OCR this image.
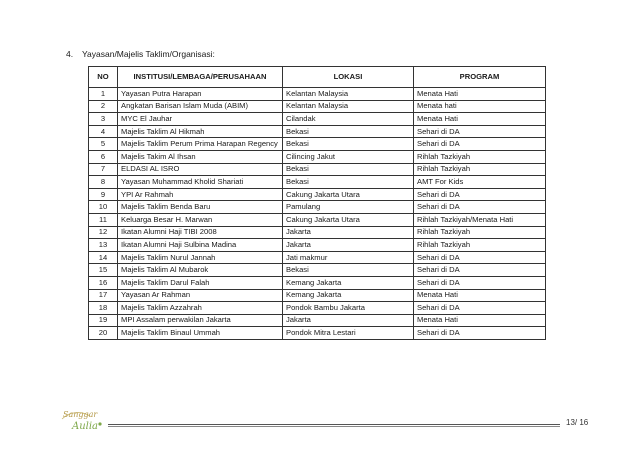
4. Yayasan/Majelis Taklim/Organisasi:
NO	INSTITUSI/LEMBAGA/PERUSAHAAN	LOKASI	PROGRAM
1	Yayasan Putra Harapan	Kelantan Malaysia	Menata Hati
2	Angkatan Barisan Islam Muda (ABIM)	Kelantan Malaysia	Menata hati
3	MYC El Jauhar	Cilandak	Menata Hati
4	Majelis Taklim Al Hikmah	Bekasi	Sehari di DA
5	Majelis Taklim Perum Prima Harapan Regency	Bekasi	Sehari di DA
6	Majelis Takim Al Ihsan	Cilincing Jakut	Rihlah Tazkiyah
7	ELDASI AL ISRO	Bekasi	Rihlah Tazkiyah
8	Yayasan Muhammad Kholid Shariati	Bekasi	AMT For Kids
9	YPI Ar Rahmah	Cakung Jakarta Utara	Sehari di DA
10	Majelis Taklim Benda Baru	Pamulang	Sehari di DA
11	Keluarga Besar H. Marwan	Cakung Jakarta Utara	Rihlah Tazkiyah/Menata Hati
12	Ikatan Alumni Haji TIBI 2008	Jakarta	Rihlah Tazkiyah
13	Ikatan Alumni Haji Sulbina Madina	Jakarta	Rihlah Tazkiyah
14	Majelis Taklim Nurul Jannah	Jati makmur	Sehari di DA
15	Majelis Taklim Al Mubarok	Bekasi	Sehari di DA
16	Majelis Taklim Darul Falah	Kemang Jakarta	Sehari di DA
17	Yayasan Ar Rahman	Kemang Jakarta	Menata Hati
18	Majelis Taklim Azzahrah	Pondok Bambu Jakarta	Sehari di DA
19	MPI Assalam perwakilan Jakarta	Jakarta	Menata Hati
20	Majelis Taklim Binaul Ummah	Pondok Mitra Lestari	Sehari di DA
Sanggar
Aulia	13/ 16
